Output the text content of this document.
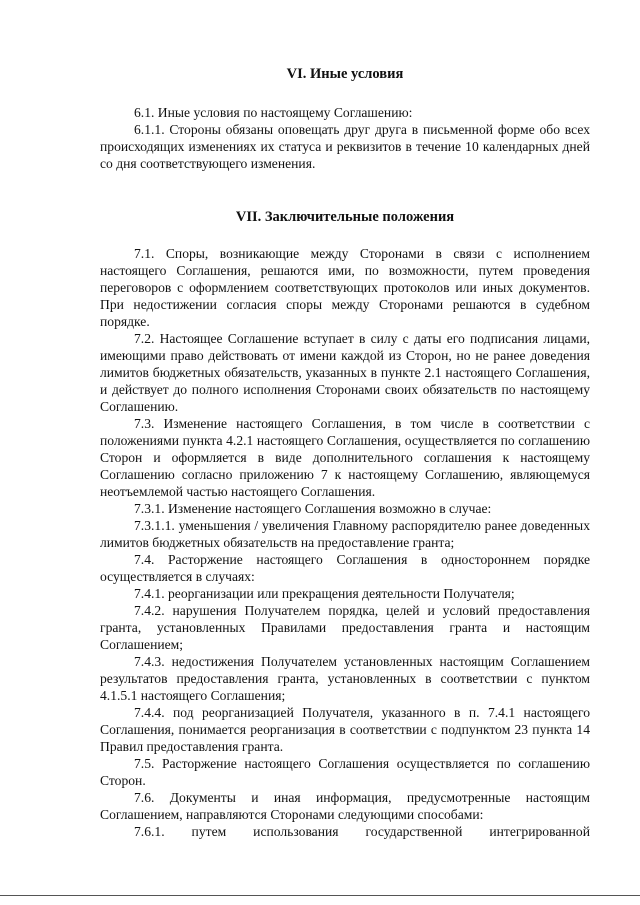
VI. Иные условия

6.1. Иные условия по настоящему Соглашению:

6.1.1. Стороны обязаны оповещать друг друга в письменной форме обо всех происходящих изменениях их статуса и реквизитов в течение 10 календарных дней со дня соответствующего изменения.

VII. Заключительные положения

7.1. Споры, возникающие между Сторонами в связи с исполнением настоящего Соглашения, решаются ими, по возможности, путем проведения переговоров с оформлением соответствующих протоколов или иных документов. При недостижении согласия споры между Сторонами решаются в судебном порядке.

7.2. Настоящее Соглашение вступает в силу с даты его подписания лицами, имеющими право действовать от имени каждой из Сторон, но не ранее доведения лимитов бюджетных обязательств, указанных в пункте 2.1 настоящего Соглашения, и действует до полного исполнения Сторонами своих обязательств по настоящему Соглашению.

7.3. Изменение настоящего Соглашения, в том числе в соответствии с положениями пункта 4.2.1 настоящего Соглашения, осуществляется по соглашению Сторон и оформляется в виде дополнительного соглашения к настоящему Соглашению согласно приложению 7 к настоящему Соглашению, являющемуся неотъемлемой частью настоящего Соглашения.

7.3.1. Изменение настоящего Соглашения возможно в случае:

7.3.1.1. уменьшения / увеличения Главному распорядителю ранее доведенных лимитов бюджетных обязательств на предоставление гранта;

7.4. Расторжение настоящего Соглашения в одностороннем порядке осуществляется в случаях:

7.4.1. реорганизации или прекращения деятельности Получателя;

7.4.2. нарушения Получателем порядка, целей и условий предоставления гранта, установленных Правилами предоставления гранта и настоящим Соглашением;

7.4.3. недостижения Получателем установленных настоящим Соглашением результатов предоставления гранта, установленных в соответствии с пунктом 4.1.5.1 настоящего Соглашения;

7.4.4. под реорганизацией Получателя, указанного в п. 7.4.1 настоящего Соглашения, понимается реорганизация в соответствии с подпунктом 23 пункта 14 Правил предоставления гранта.

7.5. Расторжение настоящего Соглашения осуществляется по соглашению Сторон.

7.6. Документы и иная информация, предусмотренные настоящим Соглашением, направляются Сторонами следующими способами:

7.6.1. путем использования государственной интегрированной
